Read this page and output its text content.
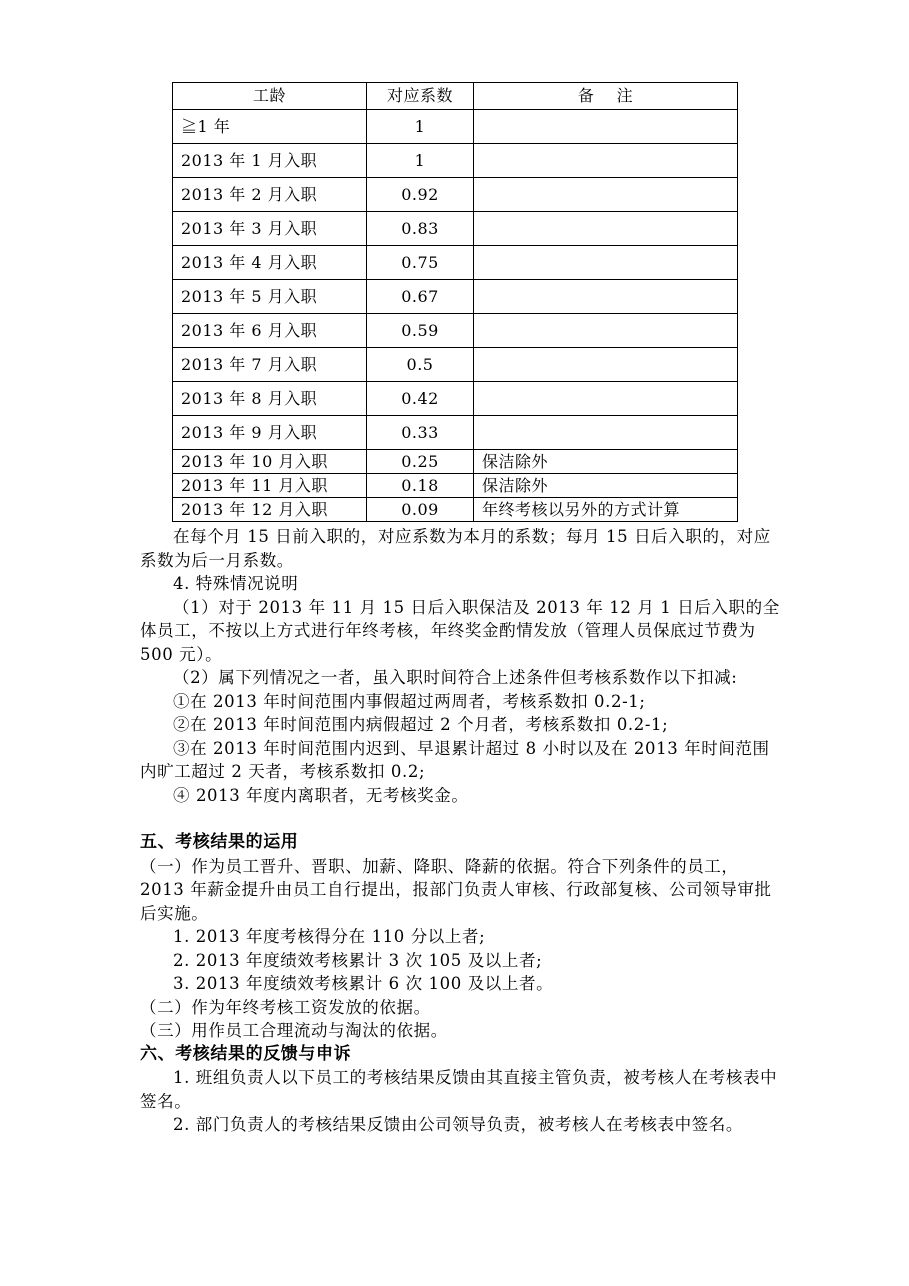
工龄	对应系数	备    注
≧1 年	1	
2013 年 1 月入职	1	
2013 年 2 月入职	0.92	
2013 年 3 月入职	0.83	
2013 年 4 月入职	0.75	
2013 年 5 月入职	0.67	
2013 年 6 月入职	0.59	
2013 年 7 月入职	0.5	
2013 年 8 月入职	0.42	
2013 年 9 月入职	0.33	
2013 年 10 月入职	0.25	保洁除外
2013 年 11 月入职	0.18	保洁除外
2013 年 12 月入职	0.09	年终考核以另外的方式计算

在每个月 15 日前入职的，对应系数为本月的系数；每月 15 日后入职的，对应系数为后一月系数。

4. 特殊情况说明

（1）对于 2013 年 11 月 15 日后入职保洁及 2013 年 12 月 1 日后入职的全体员工，不按以上方式进行年终考核，年终奖金酌情发放（管理人员保底过节费为 500 元）。

（2）属下列情况之一者，虽入职时间符合上述条件但考核系数作以下扣减:

①在 2013 年时间范围内事假超过两周者，考核系数扣 0.2-1;

②在 2013 年时间范围内病假超过 2 个月者，考核系数扣 0.2-1;

③在 2013 年时间范围内迟到、早退累计超过 8 小时以及在 2013 年时间范围内旷工超过 2 天者，考核系数扣 0.2;

④ 2013 年度内离职者，无考核奖金。

五、考核结果的运用

（一）作为员工晋升、晋职、加薪、降职、降薪的依据。符合下列条件的员工，2013 年薪金提升由员工自行提出，报部门负责人审核、行政部复核、公司领导审批后实施。

1. 2013 年度考核得分在 110 分以上者;

2. 2013 年度绩效考核累计 3 次 105 及以上者;

3. 2013 年度绩效考核累计 6 次 100 及以上者。

（二）作为年终考核工资发放的依据。

（三）用作员工合理流动与淘汰的依据。

六、考核结果的反馈与申诉

1. 班组负责人以下员工的考核结果反馈由其直接主管负责，被考核人在考核表中签名。

2. 部门负责人的考核结果反馈由公司领导负责，被考核人在考核表中签名。
